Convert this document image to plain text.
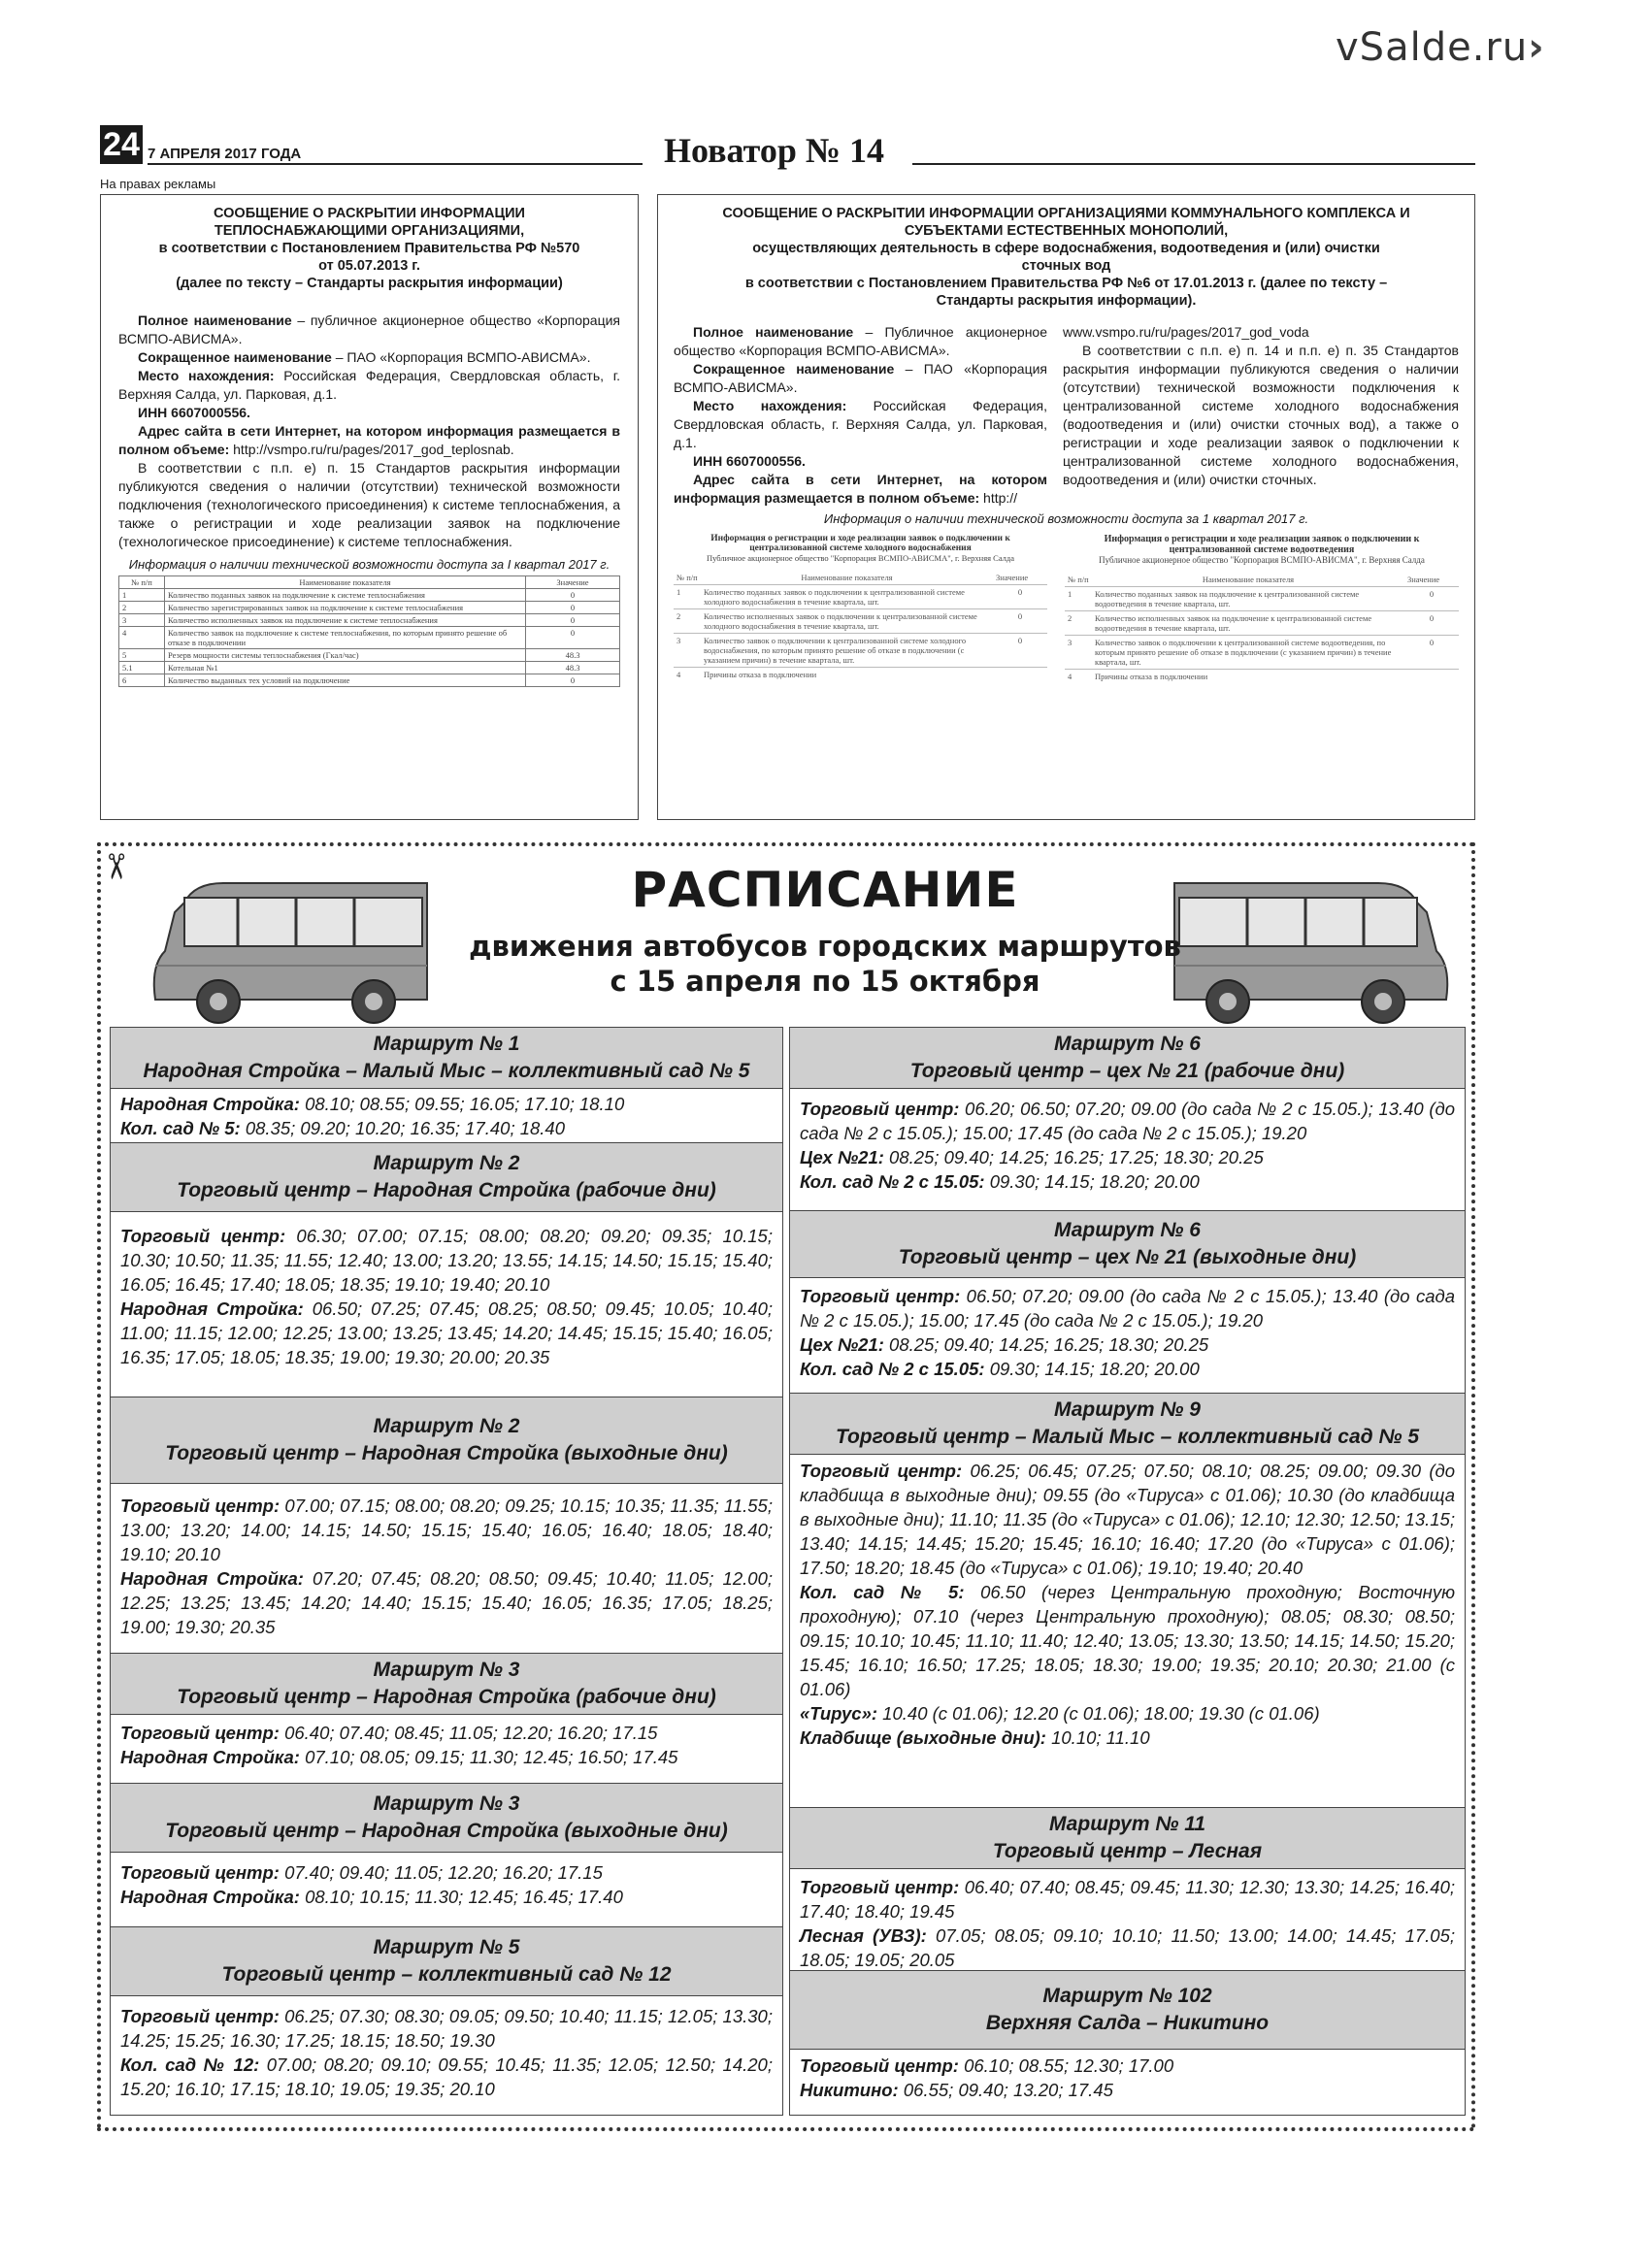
vSalde.ru›
24 7 АПРЕЛЯ 2017 ГОДА	Новатор № 14
На правах рекламы
СООБЩЕНИЕ О РАСКРЫТИИ ИНФОРМАЦИИ ТЕПЛОСНАБЖАЮЩИМИ ОРГАНИЗАЦИЯМИ,
в соответствии с Постановлением Правительства РФ №570 от 05.07.2013 г.
(далее по тексту – Стандарты раскрытия информации)

Полное наименование – публичное акционерное общество «Корпорация ВСМПО-АВИСМА».

Сокращенное наименование – ПАО «Корпорация ВСМПО-АВИСМА».

Место нахождения: Российская Федерация, Свердловская область, г. Верхняя Салда, ул. Парковая, д.1.

ИНН 6607000556.

Адрес сайта в сети Интернет, на котором информация размещается в полном объеме: http://vsmpo.ru/ru/pages/2017_god_teplosnab.

В соответствии с п.п. е) п. 15 Стандартов раскрытия информации публикуются сведения о наличии (отсутствии) технической возможности подключения (технологического присоединения) к системе теплоснабжения, а также о регистрации и ходе реализации заявок на подключение (технологическое присоединение) к системе теплоснабжения.

Информация о наличии технической возможности доступа за I квартал 2017 г.
№ п/п	Наименование показателя	Значение
1	Количество поданных заявок на подключение к системе теплоснабжения	0
2	Количество зарегистрированных заявок на подключение к системе теплоснабжения	0
3	Количество исполненных заявок на подключение к системе теплоснабжения	0
4	Количество заявок на подключение к системе теплоснабжения, по которым принято решение об отказе в подключении	0
5	Резерв мощности системы теплоснабжения (Гкал/час)	48.3
5.1	Котельная №1	48.3
6	Количество выданных тех условий на подключение	0
СООБЩЕНИЕ О РАСКРЫТИИ ИНФОРМАЦИИ ОРГАНИЗАЦИЯМИ КОММУНАЛЬНОГО КОМПЛЕКСА И СУБЪЕКТАМИ ЕСТЕСТВЕННЫХ МОНОПОЛИЙ,
осуществляющих деятельность в сфере водоснабжения, водоотведения и (или) очистки сточных вод
в соответствии с Постановлением Правительства РФ №6 от 17.01.2013 г. (далее по тексту – Стандарты раскрытия информации).

Полное наименование – Публичное акционерное общество «Корпорация ВСМПО-АВИСМА».

Сокращенное наименование – ПАО «Корпорация ВСМПО-АВИСМА».

Место нахождения: Российская Федерация, Свердловская область, г. Верхняя Салда, ул. Парковая, д.1.

ИНН 6607000556.

Адрес сайта в сети Интернет, на котором информация размещается в полном объеме: http://

www.vsmpo.ru/ru/pages/2017_god_voda

В соответствии с п.п. е) п. 14 и п.п. е) п. 35 Стандартов раскрытия информации публикуются сведения о наличии (отсутствии) технической возможности подключения к централизованной системе холодного водоснабжения (водоотведения и (или) очистки сточных вод), а также о регистрации и ходе реализации заявок о подключении к централизованной системе холодного водоснабжения, водоотведения и (или) очистки сточных.

Информация о наличии технической возможности доступа за 1 квартал 2017 г.
Информация о регистрации и ходе реализации заявок о подключении к централизованной системе холодного водоснабжения
Публичное акционерное общество "Корпорация ВСМПО-АВИСМА", г. Верхняя Салда
№ п/п	Наименование показателя	Значение
1	Количество поданных заявок о подключении к централизованной системе холодного водоснабжения в течение квартала, шт.	0
2	Количество исполненных заявок о подключении к централизованной системе холодного водоснабжения в течение квартала, шт.	0
3	Количество заявок о подключении к централизованной системе холодного водоснабжения, по которым принято решение об отказе в подключении (с указанием причин) в течение квартала, шт.	0
4	Причины отказа в подключении	
Информация о регистрации и ходе реализации заявок о подключении к централизованной системе водоотведения
Публичное акционерное общество "Корпорация ВСМПО-АВИСМА", г. Верхняя Салда
№ п/п	Наименование показателя	Значение
1	Количество поданных заявок на подключение к централизованной системе водоотведения в течение квартала, шт.	0
2	Количество исполненных заявок на подключение к централизованной системе водоотведения в течение квартала, шт.	0
3	Количество заявок о подключении к централизованной системе водоотведения, по которым принято решение об отказе в подключении (с указанием причин) в течение квартала, шт.	0
4	Причины отказа в подключении	
✂	РАСПИСАНИЕ
движения автобусов городских маршрутов
с 15 апреля по 15 октября
Маршрут № 1
Народная Стройка – Малый Мыс – коллективный сад № 5
Народная Стройка: 08.10; 08.55; 09.55; 16.05; 17.10; 18.10
Кол. сад № 5: 08.35; 09.20; 10.20; 16.35; 17.40; 18.40
Маршрут № 2
Торговый центр – Народная Стройка (рабочие дни)
Торговый центр: 06.30; 07.00; 07.15; 08.00; 08.20; 09.20; 09.35; 10.15; 10.30; 10.50; 11.35; 11.55; 12.40; 13.00; 13.20; 13.55; 14.15; 14.50; 15.15; 15.40; 16.05; 16.45; 17.40; 18.05; 18.35; 19.10; 19.40; 20.10
Народная Стройка: 06.50; 07.25; 07.45; 08.25; 08.50; 09.45; 10.05; 10.40; 11.00; 11.15; 12.00; 12.25; 13.00; 13.25; 13.45; 14.20; 14.45; 15.15; 15.40; 16.05; 16.35; 17.05; 18.05; 18.35; 19.00; 19.30; 20.00; 20.35
Маршрут № 2
Торговый центр – Народная Стройка (выходные дни)
Торговый центр: 07.00; 07.15; 08.00; 08.20; 09.25; 10.15; 10.35; 11.35; 11.55; 13.00; 13.20; 14.00; 14.15; 14.50; 15.15; 15.40; 16.05; 16.40; 18.05; 18.40; 19.10; 20.10
Народная Стройка: 07.20; 07.45; 08.20; 08.50; 09.45; 10.40; 11.05; 12.00; 12.25; 13.25; 13.45; 14.20; 14.40; 15.15; 15.40; 16.05; 16.35; 17.05; 18.25; 19.00; 19.30; 20.35
Маршрут № 3
Торговый центр – Народная Стройка (рабочие дни)
Торговый центр: 06.40; 07.40; 08.45; 11.05; 12.20; 16.20; 17.15
Народная Стройка: 07.10; 08.05; 09.15; 11.30; 12.45; 16.50; 17.45
Маршрут № 3
Торговый центр – Народная Стройка (выходные дни)
Торговый центр: 07.40; 09.40; 11.05; 12.20; 16.20; 17.15
Народная Стройка: 08.10; 10.15; 11.30; 12.45; 16.45; 17.40
Маршрут № 5
Торговый центр – коллективный сад № 12
Торговый центр: 06.25; 07.30; 08.30; 09.05; 09.50; 10.40; 11.15; 12.05; 13.30; 14.25; 15.25; 16.30; 17.25; 18.15; 18.50; 19.30
Кол. сад № 12: 07.00; 08.20; 09.10; 09.55; 10.45; 11.35; 12.05; 12.50; 14.20; 15.20; 16.10; 17.15; 18.10; 19.05; 19.35; 20.10
Маршрут № 6
Торговый центр – цех № 21 (рабочие дни)
Торговый центр: 06.20; 06.50; 07.20; 09.00 (до сада № 2 с 15.05.); 13.40 (до сада № 2 с 15.05.); 15.00; 17.45 (до сада № 2 с 15.05.); 19.20
Цех №21: 08.25; 09.40; 14.25; 16.25; 17.25; 18.30; 20.25
Кол. сад № 2 с 15.05: 09.30; 14.15; 18.20; 20.00
Маршрут № 6
Торговый центр – цех № 21 (выходные дни)
Торговый центр: 06.50; 07.20; 09.00 (до сада № 2 с 15.05.); 13.40 (до сада № 2 с 15.05.); 15.00; 17.45 (до сада № 2 с 15.05.); 19.20
Цех №21: 08.25; 09.40; 14.25; 16.25; 18.30; 20.25
Кол. сад № 2 с 15.05: 09.30; 14.15; 18.20; 20.00
Маршрут № 9
Торговый центр – Малый Мыс – коллективный сад № 5
Торговый центр: 06.25; 06.45; 07.25; 07.50; 08.10; 08.25; 09.00; 09.30 (до кладбища в выходные дни); 09.55 (до «Тируса» с 01.06); 10.30 (до кладбища в выходные дни); 11.10; 11.35 (до «Тируса» с 01.06); 12.10; 12.30; 12.50; 13.15; 13.40; 14.15; 14.45; 15.20; 15.45; 16.10; 16.40; 17.20 (до «Тируса» с 01.06); 17.50; 18.20; 18.45 (до «Тируса» с 01.06); 19.10; 19.40; 20.40
Кол. сад № 5: 06.50 (через Центральную проходную; Восточную проходную); 07.10 (через Центральную проходную); 08.05; 08.30; 08.50; 09.15; 10.10; 10.45; 11.10; 11.40; 12.40; 13.05; 13.30; 13.50; 14.15; 14.50; 15.20; 15.45; 16.10; 16.50; 17.25; 18.05; 18.30; 19.00; 19.35; 20.10; 20.30; 21.00 (с 01.06)
«Тирус»: 10.40 (с 01.06); 12.20 (с 01.06); 18.00; 19.30 (с 01.06)
Кладбище (выходные дни): 10.10; 11.10
Маршрут № 11
Торговый центр – Лесная
Торговый центр: 06.40; 07.40; 08.45; 09.45; 11.30; 12.30; 13.30; 14.25; 16.40; 17.40; 18.40; 19.45
Лесная (УВЗ): 07.05; 08.05; 09.10; 10.10; 11.50; 13.00; 14.00; 14.45; 17.05; 18.05; 19.05; 20.05
Маршрут № 102
Верхняя Салда – Никитино
Торговый центр: 06.10; 08.55; 12.30; 17.00
Никитино: 06.55; 09.40; 13.20; 17.45
